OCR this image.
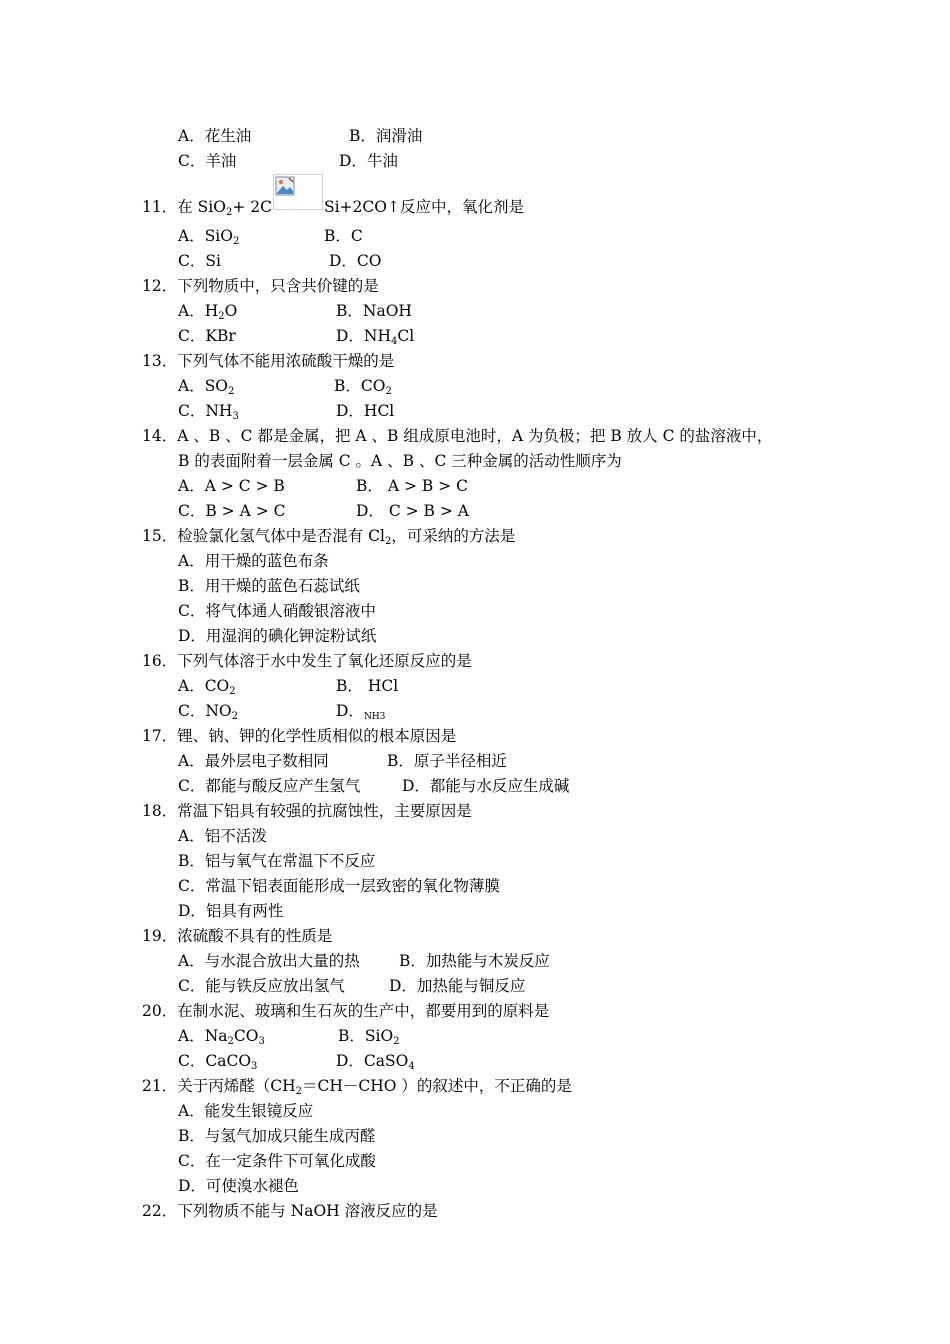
A．花生油	B．润滑油
C．羊油	D．牛油
11．在 SiO$_2$+ 2C	Si+2CO↑反应中，氧化剂是
A．SiO$_2$	B．C
C．Si	D．CO
12．下列物质中，只含共价键的是
A．$H_2O$	B．NaOH
C．KBr	D．$NH_4Cl$
13．下列气体不能用浓硫酸干燥的是
A．$SO_2$	B．$CO_2$
C．$NH_3$	D．HCl
14．A 、B 、C 都是金属，把 A 、B 组成原电池时，A 为负极；把 B 放人 C 的盐溶液中，
B 的表面附着一层金属 C 。A 、B 、C 三种金属的活动性顺序为
A．A > C > B	B． A > B > C
C．B > A > C	D． C > B > A
15．检验氯化氢气体中是否混有 $Cl_2$，可采纳的方法是
A．用干燥的蓝色布条
B．用干燥的蓝色石蕊试纸
C．将气体通人硝酸银溶液中
D．用湿润的碘化钾淀粉试纸
16．下列气体溶于水中发生了氧化还原反应的是
A．$CO_2$	B． HCl
C．$NO_2$	D．NH3
17．锂、钠、钾的化学性质相似的根本原因是
A．最外层电子数相同	B．原子半径相近
C．都能与酸反应产生氢气	D．都能与水反应生成碱
18．常温下铝具有较强的抗腐蚀性，主要原因是
A．铝不活泼
B．铝与氧气在常温下不反应
C．常温下铝表面能形成一层致密的氧化物薄膜
D．铝具有两性
19．浓硫酸不具有的性质是
A．与水混合放出大量的热	B．加热能与木炭反应
C．能与铁反应放出氢气	D．加热能与铜反应
20．在制水泥、玻璃和生石灰的生产中，都要用到的原料是
A．$Na_2CO_3$	B．SiO$_2$
C．CaCO$_3$	D．CaSO$_4$
21．关于丙烯醛（$CH_2=CH-CHO$ ）的叙述中，不正确的是
A．能发生银镜反应
B．与氢气加成只能生成丙醛
C．在一定条件下可氧化成酸
D．可使溴水褪色
22．下列物质不能与 NaOH 溶液反应的是
